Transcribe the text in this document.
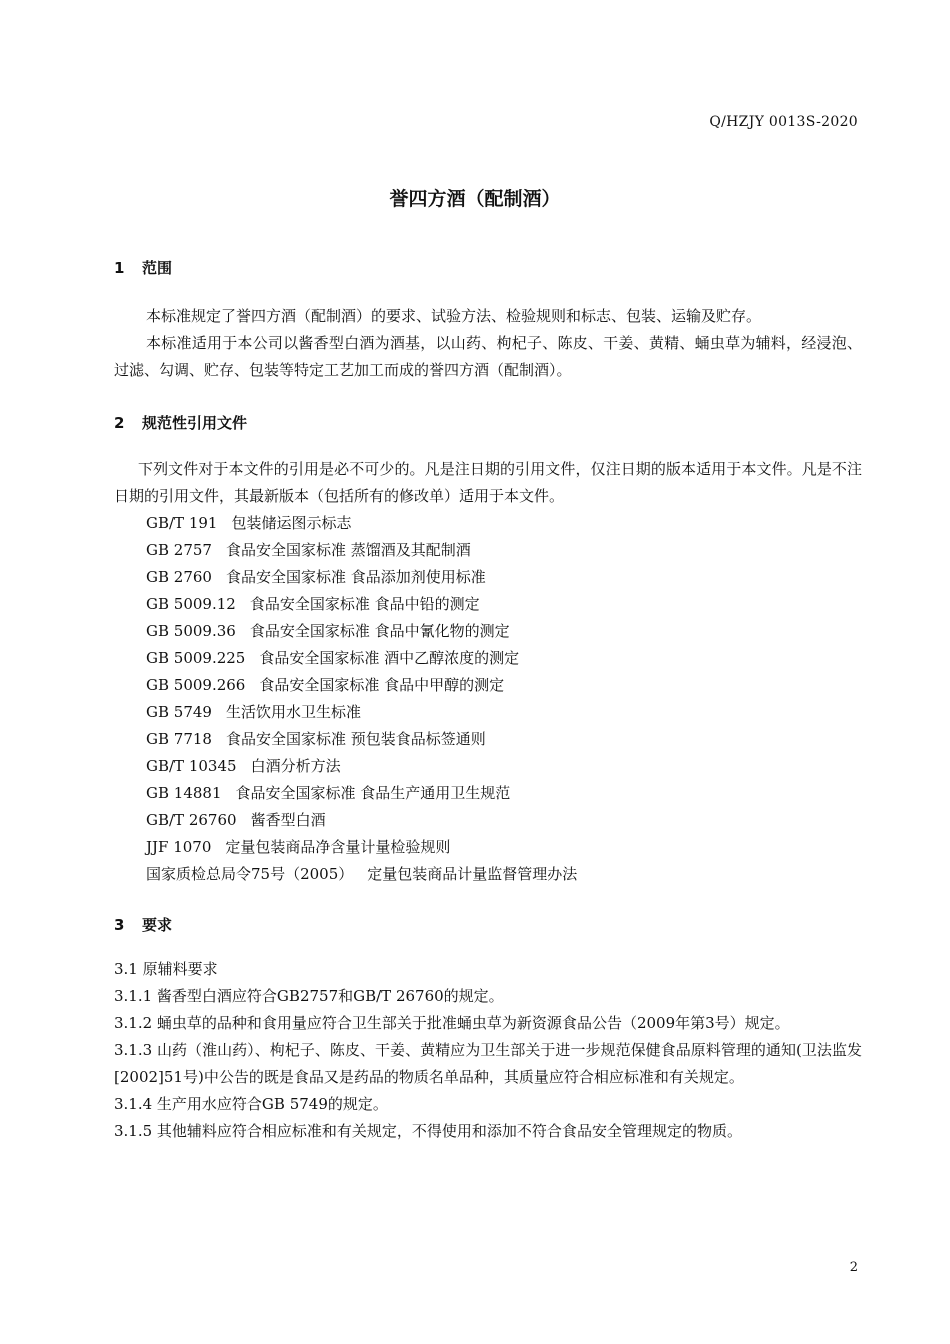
Q/HZJY 0013S-2020
誉四方酒（配制酒）
1 范围

本标准规定了誉四方酒（配制酒）的要求、试验方法、检验规则和标志、包装、运输及贮存。

本标准适用于本公司以酱香型白酒为酒基，以山药、枸杞子、陈皮、干姜、黄精、蛹虫草为辅料，经浸泡、过滤、勾调、贮存、包装等特定工艺加工而成的誉四方酒（配制酒）。

2 规范性引用文件

下列文件对于本文件的引用是必不可少的。凡是注日期的引用文件，仅注日期的版本适用于本文件。凡是不注日期的引用文件，其最新版本（包括所有的修改单）适用于本文件。

GB/T 191 包装储运图示标志
GB 2757 食品安全国家标准 蒸馏酒及其配制酒
GB 2760 食品安全国家标准 食品添加剂使用标准
GB 5009.12 食品安全国家标准 食品中铅的测定
GB 5009.36 食品安全国家标准 食品中氰化物的测定
GB 5009.225 食品安全国家标准 酒中乙醇浓度的测定
GB 5009.266 食品安全国家标准 食品中甲醇的测定
GB 5749 生活饮用水卫生标准
GB 7718 食品安全国家标准 预包装食品标签通则
GB/T 10345 白酒分析方法
GB 14881 食品安全国家标准 食品生产通用卫生规范
GB/T 26760 酱香型白酒
JJF 1070 定量包装商品净含量计量检验规则
国家质检总局令75号（2005） 定量包装商品计量监督管理办法
3 要求

3.1 原辅料要求

3.1.1 酱香型白酒应符合GB2757和GB/T 26760的规定。

3.1.2 蛹虫草的品种和食用量应符合卫生部关于批准蛹虫草为新资源食品公告（2009年第3号）规定。

3.1.3 山药（淮山药）、枸杞子、陈皮、干姜、黄精应为卫生部关于进一步规范保健食品原料管理的通知(卫法监发[2002]51号)中公告的既是食品又是药品的物质名单品种，其质量应符合相应标准和有关规定。

3.1.4 生产用水应符合GB 5749的规定。

3.1.5 其他辅料应符合相应标准和有关规定，不得使用和添加不符合食品安全管理规定的物质。

2
